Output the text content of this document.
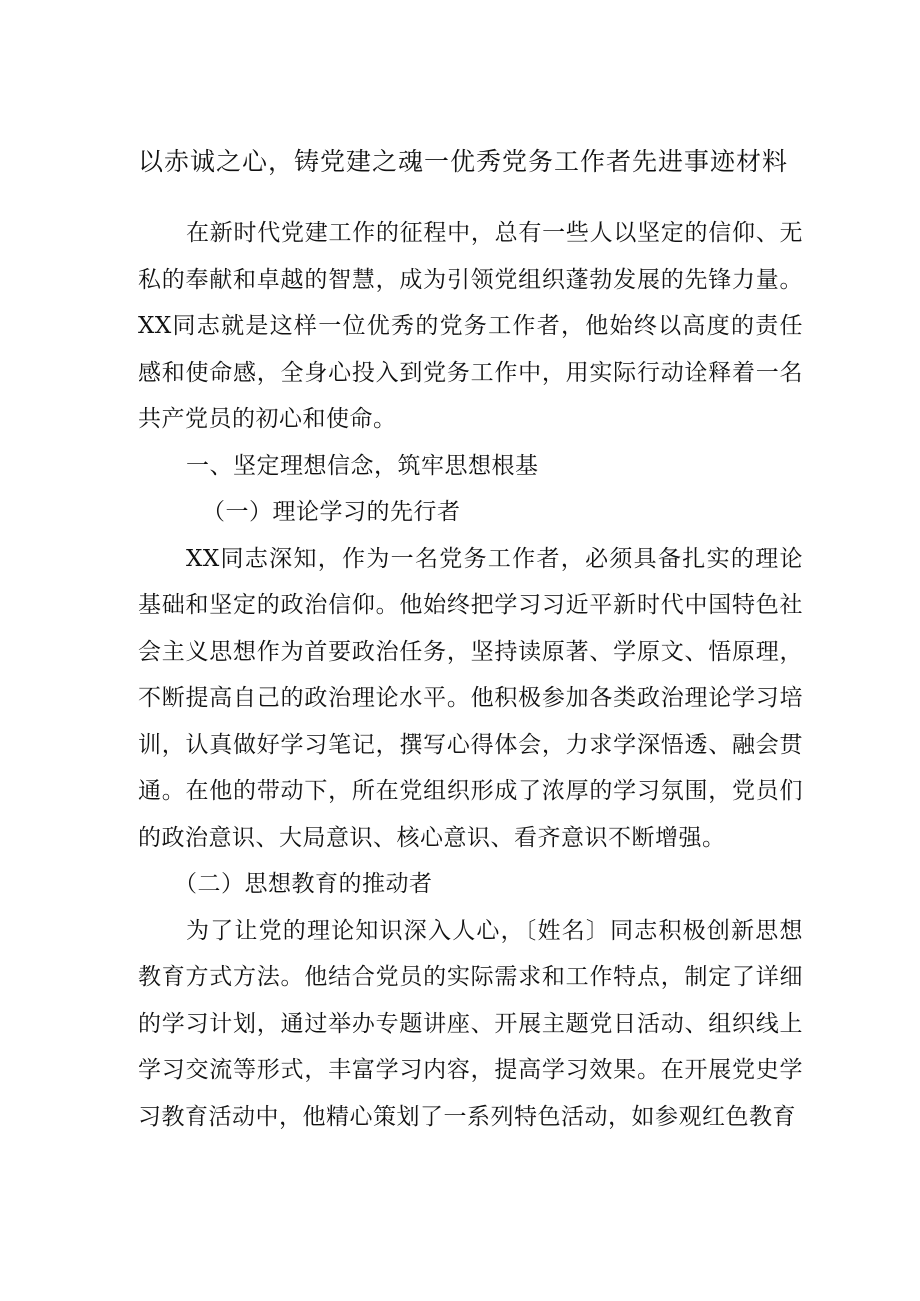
以赤诚之心，铸党建之魂一优秀党务工作者先进事迹材料

在新时代党建工作的征程中，总有一些人以坚定的信仰、无私的奉献和卓越的智慧，成为引领党组织蓬勃发展的先锋力量。XX同志就是这样一位优秀的党务工作者，他始终以高度的责任感和使命感，全身心投入到党务工作中，用实际行动诠释着一名共产党员的初心和使命。

一、坚定理想信念，筑牢思想根基
（一）理论学习的先行者

XX同志深知，作为一名党务工作者，必须具备扎实的理论基础和坚定的政治信仰。他始终把学习习近平新时代中国特色社会主义思想作为首要政治任务，坚持读原著、学原文、悟原理，不断提高自己的政治理论水平。他积极参加各类政治理论学习培训，认真做好学习笔记，撰写心得体会，力求学深悟透、融会贯通。在他的带动下，所在党组织形成了浓厚的学习氛围，党员们的政治意识、大局意识、核心意识、看齐意识不断增强。

（二）思想教育的推动者

为了让党的理论知识深入人心，〔姓名〕同志积极创新思想教育方式方法。他结合党员的实际需求和工作特点，制定了详细的学习计划，通过举办专题讲座、开展主题党日活动、组织线上学习交流等形式，丰富学习内容，提高学习效果。在开展党史学习教育活动中，他精心策划了一系列特色活动，如参观红色教育
